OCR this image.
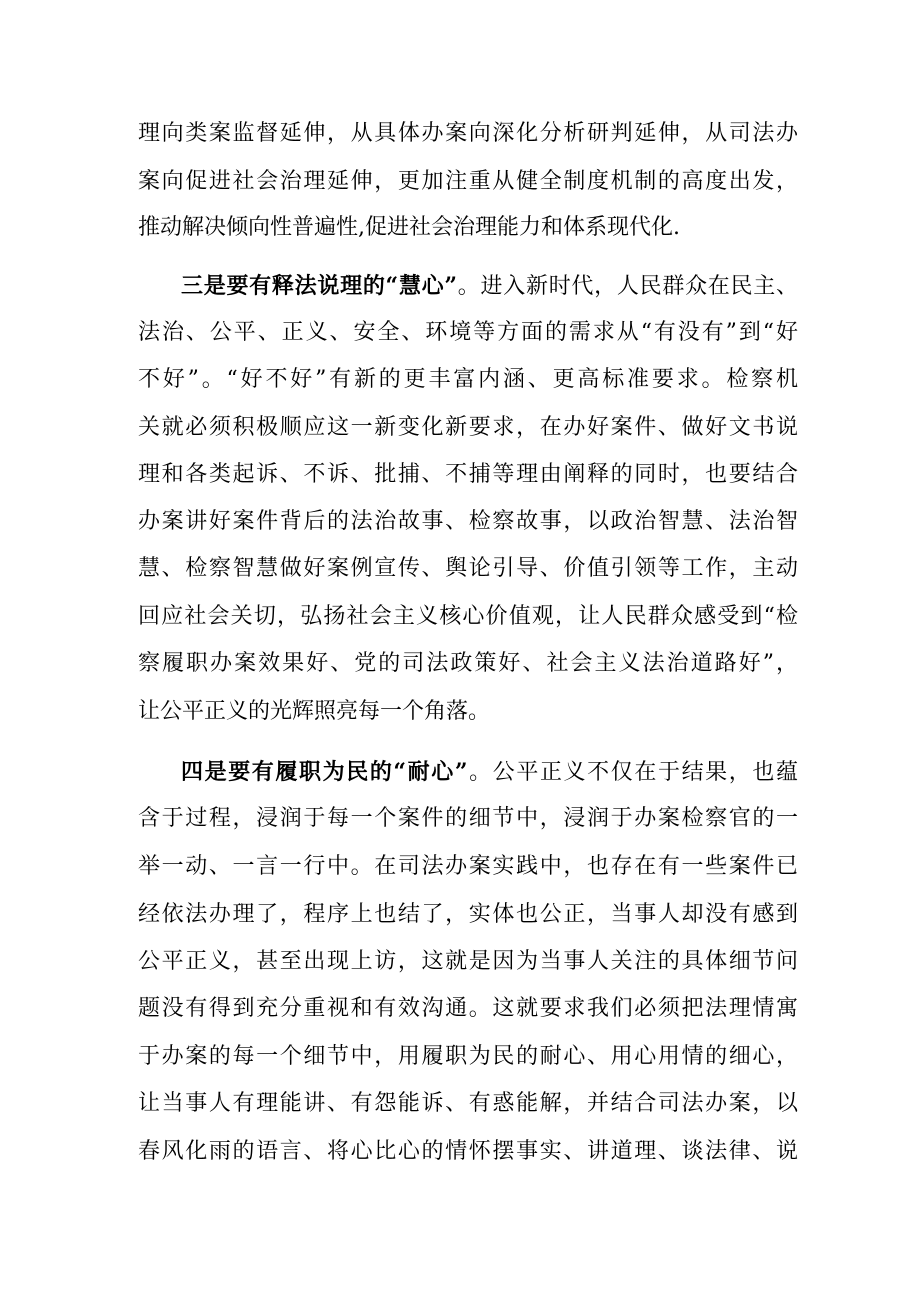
理向类案监督延伸，从具体办案向深化分析研判延伸，从司法办
案向促进社会治理延伸，更加注重从健全制度机制的高度出发，
推动解决倾向性普遍性,促进社会治理能力和体系现代化.
三是要有释法说理的“慧心”。进入新时代，人民群众在民主、
法治、公平、正义、安全、环境等方面的需求从“有没有”到“好
不好”。“好不好”有新的更丰富内涵、更高标准要求。检察机
关就必须积极顺应这一新变化新要求，在办好案件、做好文书说
理和各类起诉、不诉、批捕、不捕等理由阐释的同时，也要结合
办案讲好案件背后的法治故事、检察故事，以政治智慧、法治智
慧、检察智慧做好案例宣传、舆论引导、价值引领等工作，主动
回应社会关切，弘扬社会主义核心价值观，让人民群众感受到“检
察履职办案效果好、党的司法政策好、社会主义法治道路好”，
让公平正义的光辉照亮每一个角落。
四是要有履职为民的“耐心”。公平正义不仅在于结果，也蕴
含于过程，浸润于每一个案件的细节中，浸润于办案检察官的一
举一动、一言一行中。在司法办案实践中，也存在有一些案件已
经依法办理了，程序上也结了，实体也公正，当事人却没有感到
公平正义，甚至出现上访，这就是因为当事人关注的具体细节问
题没有得到充分重视和有效沟通。这就要求我们必须把法理情寓
于办案的每一个细节中，用履职为民的耐心、用心用情的细心，
让当事人有理能讲、有怨能诉、有惑能解，并结合司法办案，以
春风化雨的语言、将心比心的情怀摆事实、讲道理、谈法律、说
